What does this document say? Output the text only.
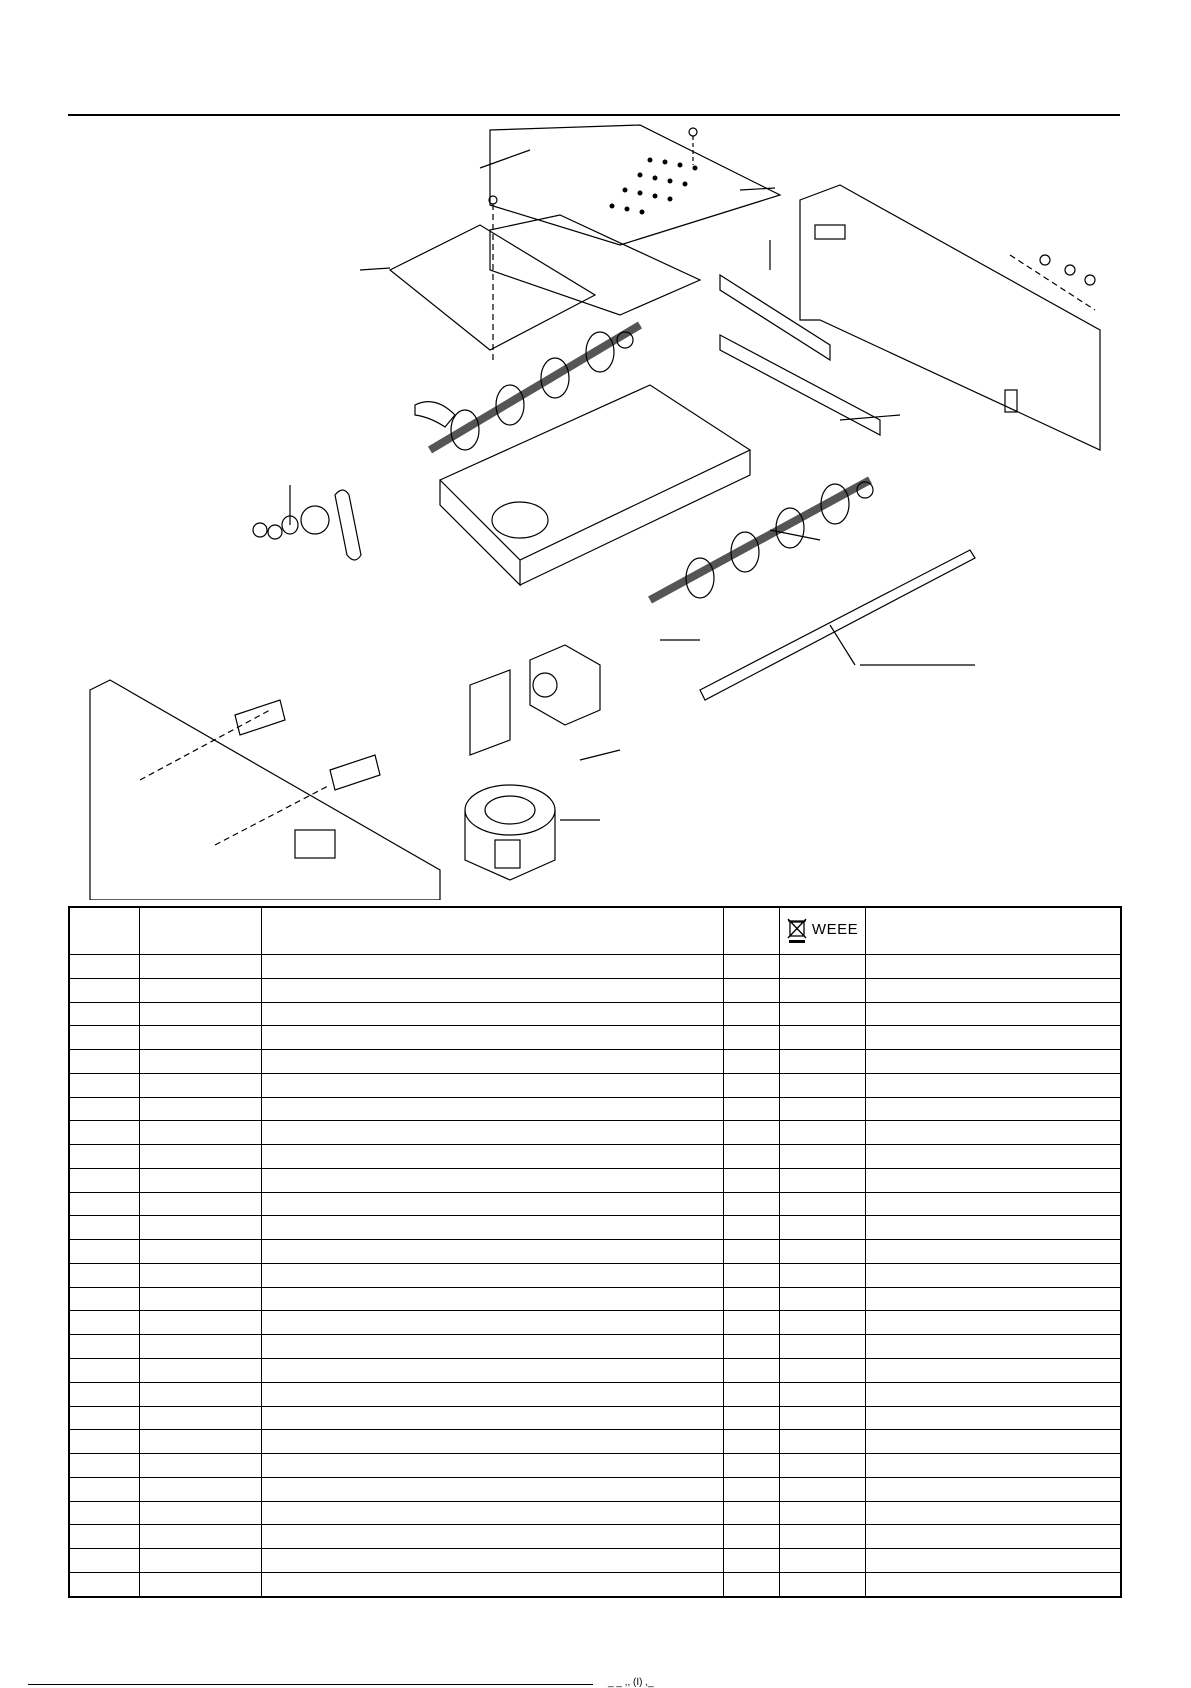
				WEEE	

_ _ ,, (I) ,_
